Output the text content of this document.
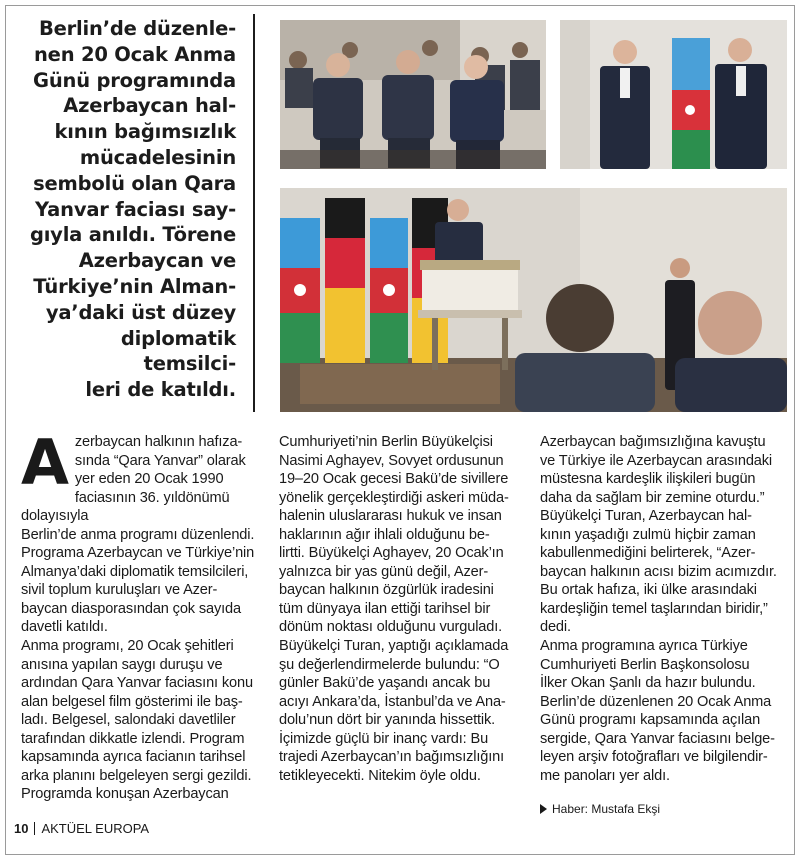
Berlin’de düzenle-
nen 20 Ocak Anma
Günü programında
Azerbaycan hal-
kının bağımsızlık
mücadelesinin
sembolü olan Qara
Yanvar faciası say-
gıyla anıldı. Törene
Azerbaycan ve
Türkiye’nin Alman-
ya’daki üst düzey
diplomatik temsilci-
leri de katıldı.
A zerbaycan halkının hafıza-

sında “Qara Yanvar” olarak

yer eden 20 Ocak 1990

faciasının 36. yıldönümü dolayısıyla

Berlin’de anma programı düzenlendi.

Programa Azerbaycan ve Türkiye’nin

Almanya’daki diplomatik temsilcileri,

sivil toplum kuruluşları ve Azer-

baycan diasporasından çok sayıda

davetli katıldı.

Anma programı, 20 Ocak şehitleri

anısına yapılan saygı duruşu ve

ardından Qara Yanvar faciasını konu

alan belgesel film gösterimi ile baş-

ladı. Belgesel, salondaki davetliler

tarafından dikkatle izlendi. Program

kapsamında ayrıca facianın tarihsel

arka planını belgeleyen sergi gezildi.

Programda konuşan Azerbaycan

Cumhuriyeti’nin Berlin Büyükelçisi

Nasimi Aghayev, Sovyet ordusunun

19–20 Ocak gecesi Bakü’de sivillere

yönelik gerçekleştirdiği askeri müda-

halenin uluslararası hukuk ve insan

haklarının ağır ihlali olduğunu be-

lirtti. Büyükelçi Aghayev, 20 Ocak’ın

yalnızca bir yas günü değil, Azer-

baycan halkının özgürlük iradesini

tüm dünyaya ilan ettiği tarihsel bir

dönüm noktası olduğunu vurguladı.

Büyükelçi Turan, yaptığı açıklamada

şu değerlendirmelerde bulundu: “O

günler Bakü’de yaşandı ancak bu

acıyı Ankara’da, İstanbul’da ve Ana-

dolu’nun dört bir yanında hissettik.

İçimizde güçlü bir inanç vardı: Bu

trajedi Azerbaycan’ın bağımsızlığını

tetikleyecekti. Nitekim öyle oldu.

Azerbaycan bağımsızlığına kavuştu

ve Türkiye ile Azerbaycan arasındaki

müstesna kardeşlik ilişkileri bugün

daha da sağlam bir zemine oturdu.”

Büyükelçi Turan, Azerbaycan hal-

kının yaşadığı zulmü hiçbir zaman

kabullenmediğini belirterek, “Azer-

baycan halkının acısı bizim acımızdır.

Bu ortak hafıza, iki ülke arasındaki

kardeşliğin temel taşlarından biridir,”

dedi.

Anma programına ayrıca Türkiye

Cumhuriyeti Berlin Başkonsolosu

İlker Okan Şanlı da hazır bulundu.

Berlin’de düzenlenen 20 Ocak Anma

Günü programı kapsamında açılan

sergide, Qara Yanvar faciasını belge-

leyen arşiv fotoğrafları ve bilgilendir-

me panoları yer aldı.

Haber: Mustafa Ekşi
10 AKTÜEL EUROPA
